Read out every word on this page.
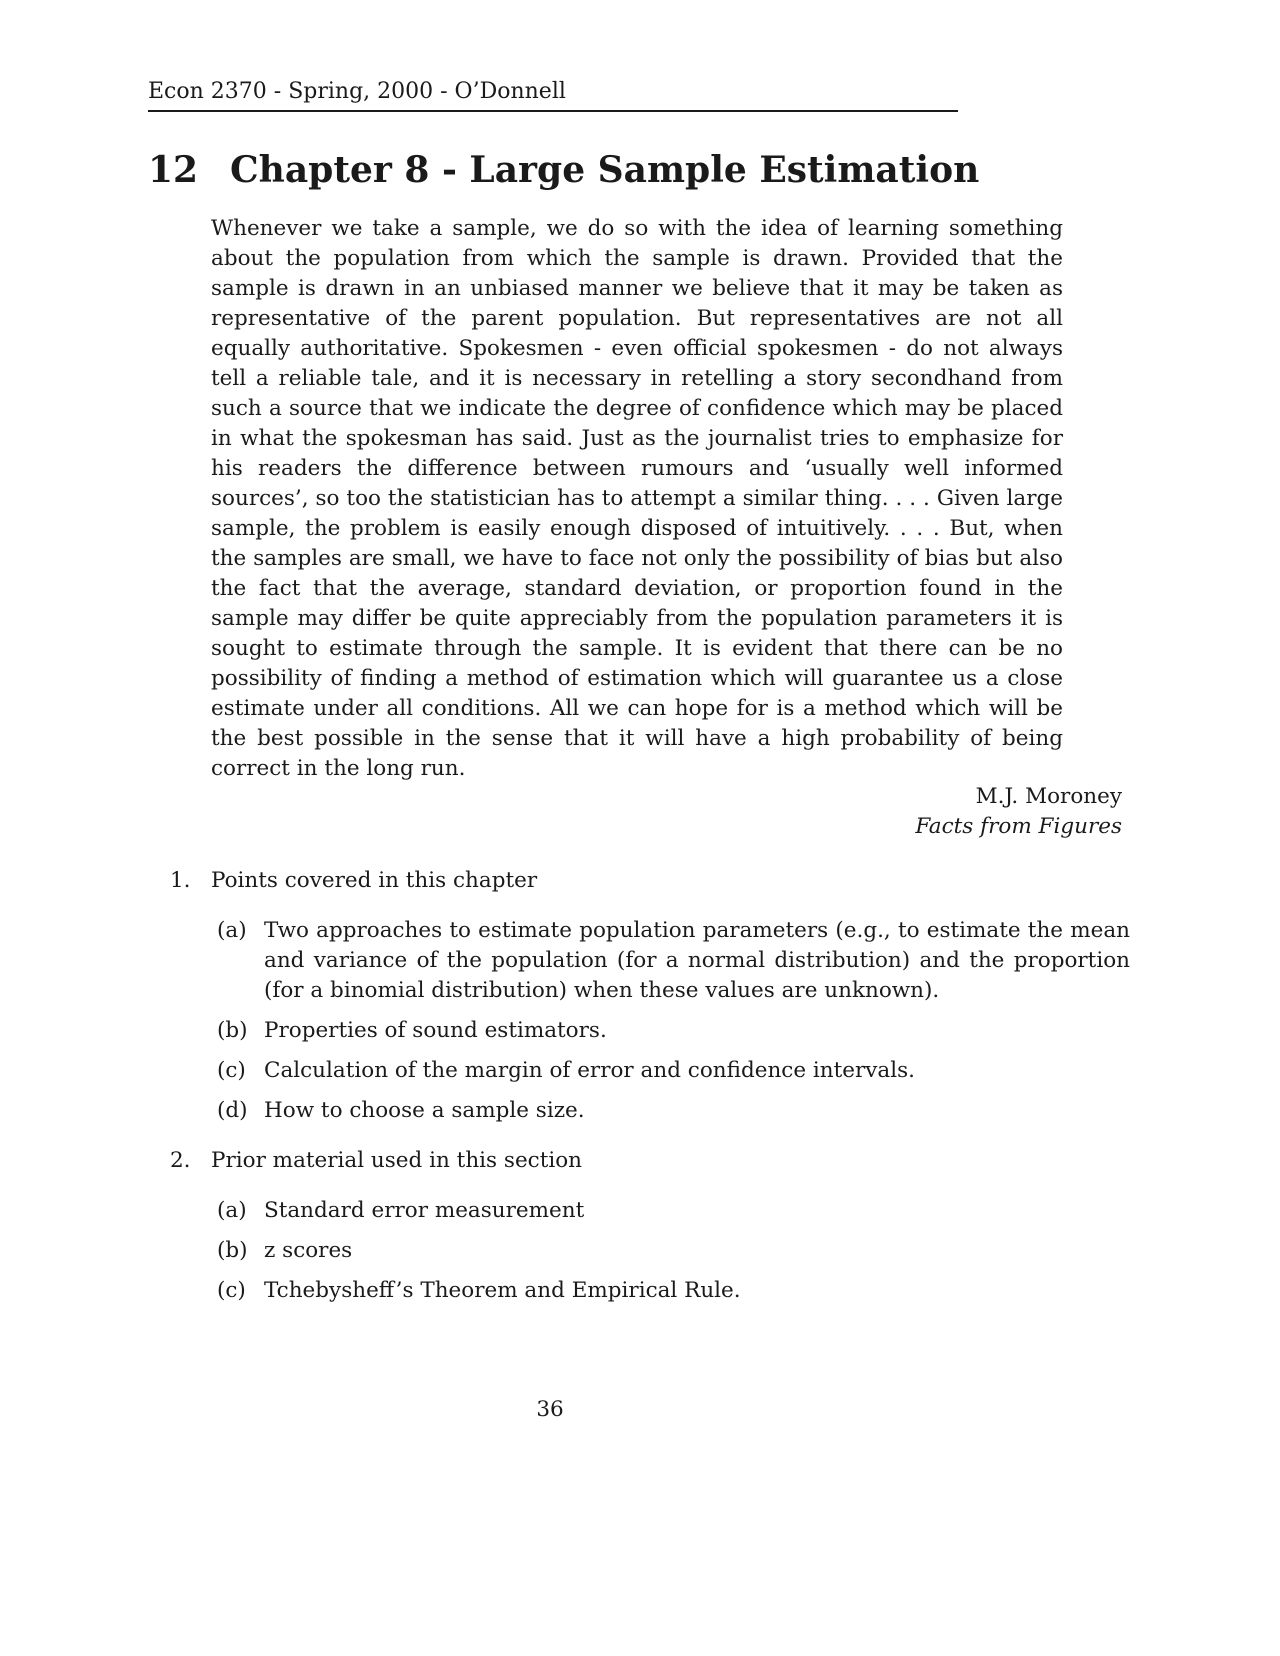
Econ 2370 - Spring, 2000 - O’Donnell
12 Chapter 8 - Large Sample Estimation

Whenever we take a sample, we do so with the idea of learning something about the population from which the sample is drawn. Provided that the sample is drawn in an unbiased manner we believe that it may be taken as representative of the parent population. But representatives are not all equally authoritative. Spokesmen - even official spokesmen - do not always tell a reliable tale, and it is necessary in retelling a story secondhand from such a source that we indicate the degree of confidence which may be placed in what the spokesman has said. Just as the journalist tries to emphasize for his readers the difference between rumours and ‘usually well informed sources’, so too the statistician has to attempt a similar thing. . . . Given large sample, the problem is easily enough disposed of intuitively. . . . But, when the samples are small, we have to face not only the possibility of bias but also the fact that the average, standard deviation, or proportion found in the sample may differ be quite appreciably from the population parameters it is sought to estimate through the sample. It is evident that there can be no possibility of finding a method of estimation which will guarantee us a close estimate under all conditions. All we can hope for is a method which will be the best possible in the sense that it will have a high probability of being correct in the long run.

M.J. Moroney
Facts from Figures
1. Points covered in this chapter
(a) Two approaches to estimate population parameters (e.g., to estimate the mean and variance of the population (for a normal distribution) and the proportion (for a binomial distribution) when these values are unknown).
(b) Properties of sound estimators.
(c) Calculation of the margin of error and confidence intervals.
(d) How to choose a sample size.
2. Prior material used in this section
(a) Standard error measurement
(b) z scores
(c) Tchebysheff’s Theorem and Empirical Rule.
36
